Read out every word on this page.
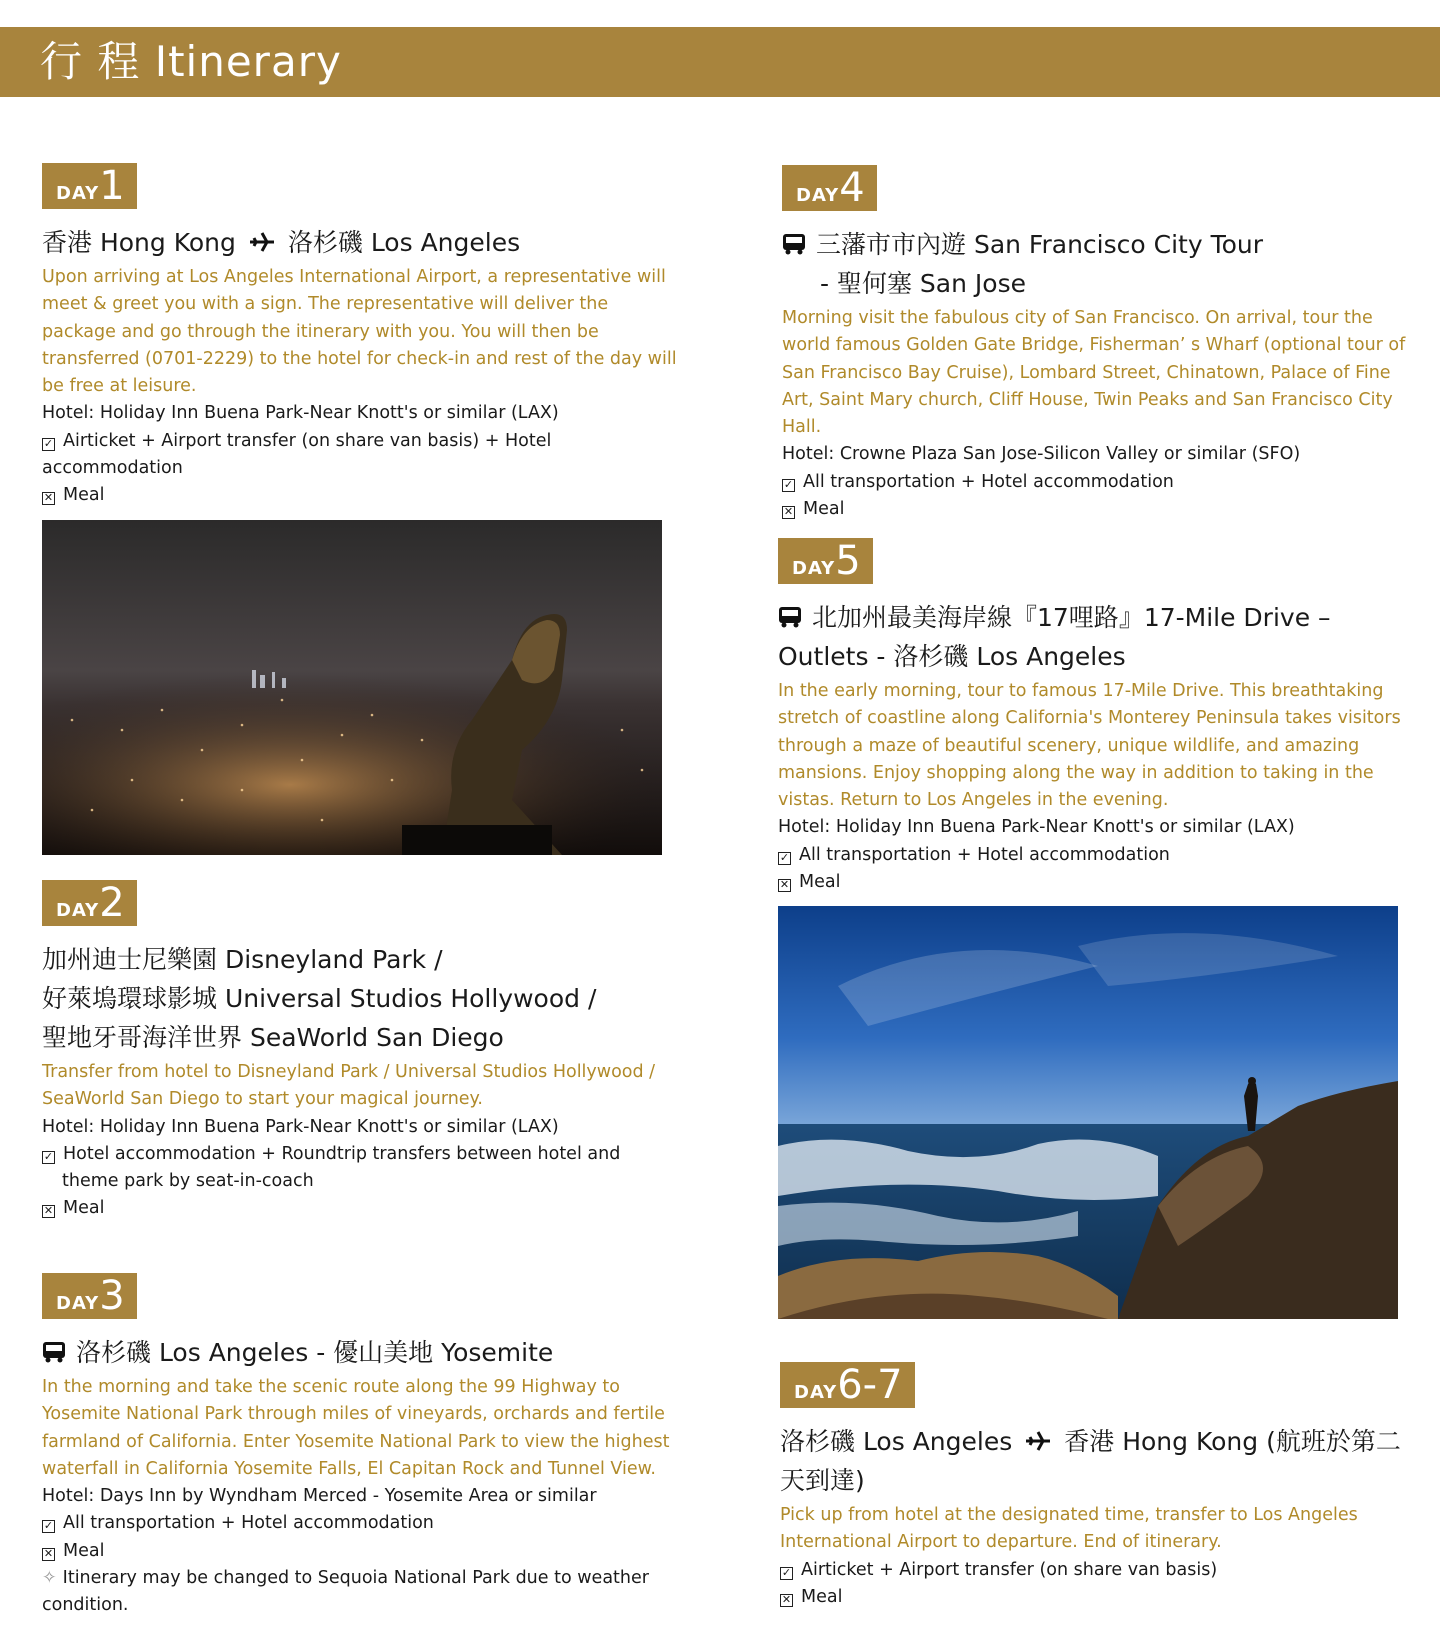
行 程 Itinerary
DAY1
香港 Hong Kong 洛杉磯 Los Angeles
Upon arriving at Los Angeles International Airport, a representative will meet & greet you with a sign. The representative will deliver the package and go through the itinerary with you. You will then be transferred (0701-2229) to the hotel for check-in and rest of the day will be free at leisure.
Hotel: Holiday Inn Buena Park-Near Knott's or similar (LAX)
✓ Airticket + Airport transfer (on share van basis) + Hotel accommodation
✕ Meal
DAY2
加州迪士尼樂園 Disneyland Park /
好萊塢環球影城 Universal Studios Hollywood /
聖地牙哥海洋世界 SeaWorld San Diego
Transfer from hotel to Disneyland Park / Universal Studios Hollywood / SeaWorld San Diego to start your magical journey.
Hotel: Holiday Inn Buena Park-Near Knott's or similar (LAX)
✓ Hotel accommodation + Roundtrip transfers between hotel and
theme park by seat-in-coach
✕ Meal
DAY3
洛杉磯 Los Angeles - 優山美地 Yosemite
In the morning and take the scenic route along the 99 Highway to Yosemite National Park through miles of vineyards, orchards and fertile farmland of California. Enter Yosemite National Park to view the highest waterfall in California Yosemite Falls, El Capitan Rock and Tunnel View.
Hotel: Days Inn by Wyndham Merced - Yosemite Area or similar
✓ All transportation + Hotel accommodation
✕ Meal
✧ Itinerary may be changed to Sequoia National Park due to weather condition.
DAY4
三藩市市內遊 San Francisco City Tour
- 聖何塞 San Jose
Morning visit the fabulous city of San Francisco. On arrival, tour the world famous Golden Gate Bridge, Fisherman’ s Wharf (optional tour of San Francisco Bay Cruise), Lombard Street, Chinatown, Palace of Fine Art, Saint Mary church, Cliff House, Twin Peaks and San Francisco City Hall.
Hotel: Crowne Plaza San Jose-Silicon Valley or similar (SFO)
✓ All transportation + Hotel accommodation
✕ Meal
DAY5
北加州最美海岸線『17哩路』17-Mile Drive –
Outlets - 洛杉磯 Los Angeles
In the early morning, tour to famous 17-Mile Drive. This breathtaking stretch of coastline along California's Monterey Peninsula takes visitors through a maze of beautiful scenery, unique wildlife, and amazing mansions. Enjoy shopping along the way in addition to taking in the vistas. Return to Los Angeles in the evening.
Hotel: Holiday Inn Buena Park-Near Knott's or similar (LAX)
✓ All transportation + Hotel accommodation
✕ Meal
DAY6-7
洛杉磯 Los Angeles 香港 Hong Kong (航班於第二
天到達)
Pick up from hotel at the designated time, transfer to Los Angeles International Airport to departure. End of itinerary.
✓ Airticket + Airport transfer (on share van basis)
✕ Meal
